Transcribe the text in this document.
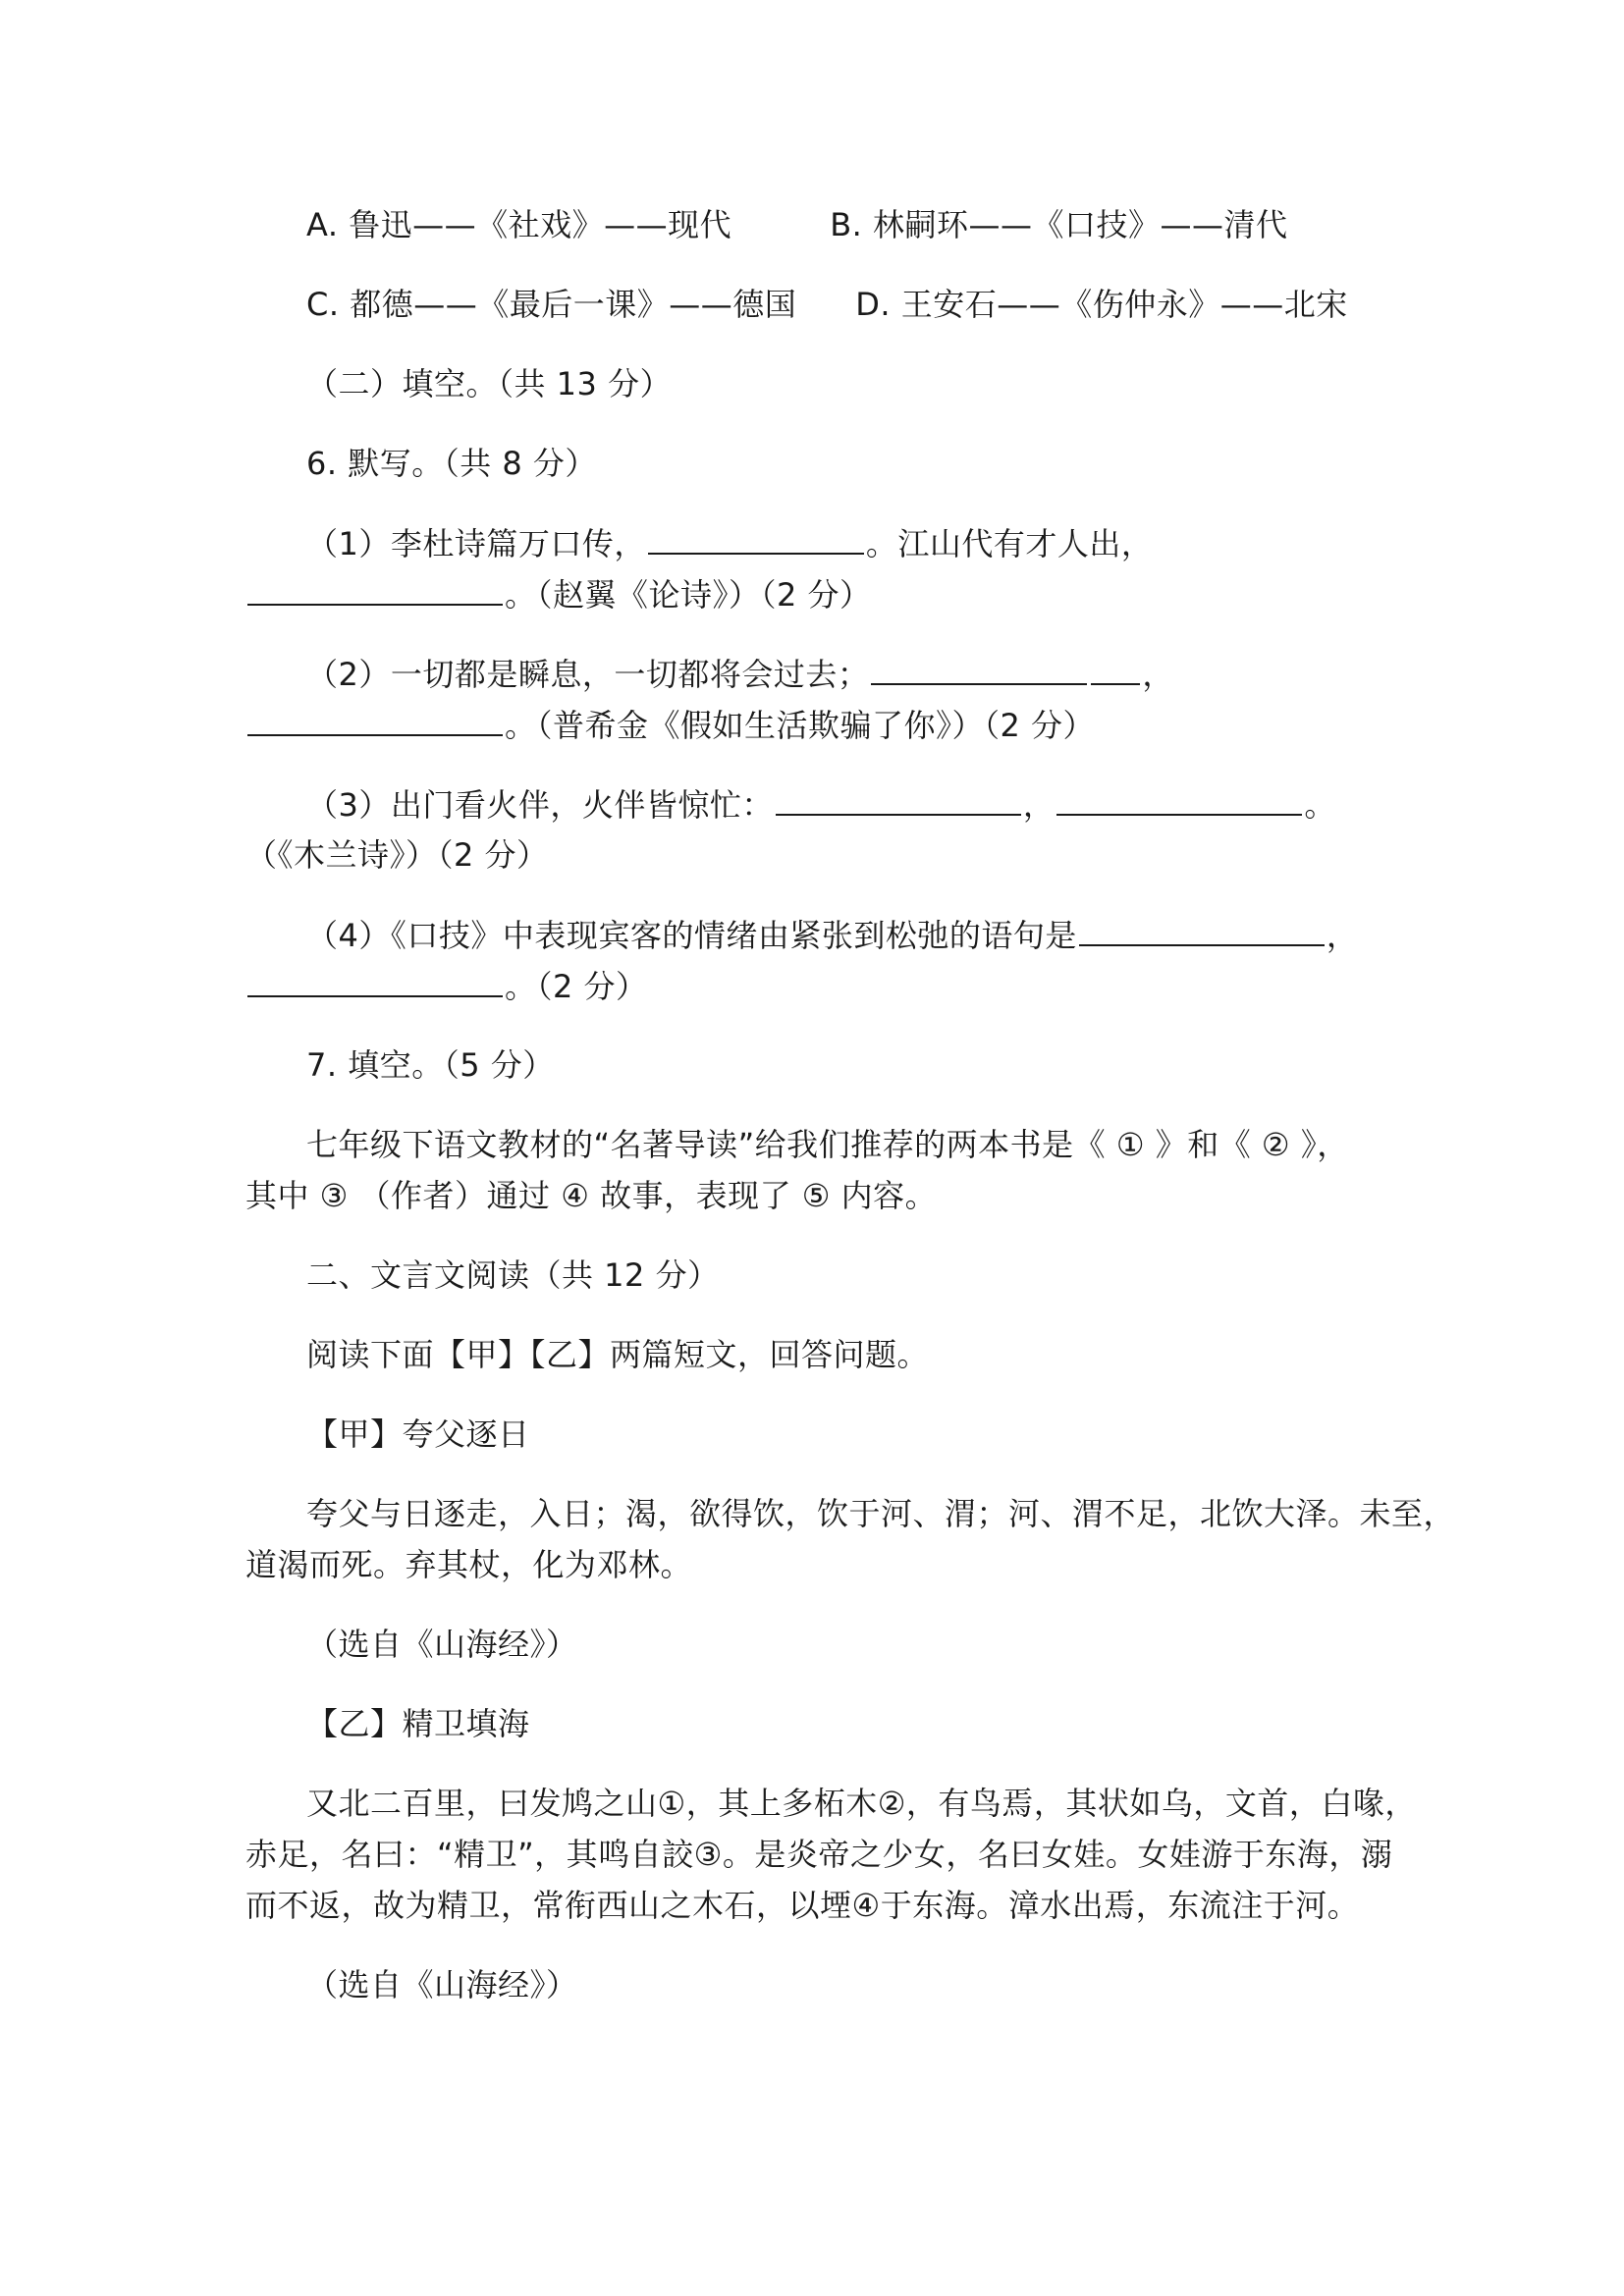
A. 鲁迅——《社戏》——现代	B. 林嗣环——《口技》——清代
C. 都德——《最后一课》——德国 D. 王安石——《伤仲永》——北宋
（二）填空。（共 13 分）
6. 默写。（共 8 分）
（1）李杜诗篇万口传，	。江山代有才人出，
。（赵翼《论诗》）（2 分）
（2）一切都是瞬息，一切都将会过去；	，
。（普希金《假如生活欺骗了你》）（2 分）
（3）出门看火伴，火伴皆惊忙：	，	。
（《木兰诗》）（2 分）
（4）《口技》中表现宾客的情绪由紧张到松弛的语句是	，
。（2 分）
7. 填空。（5 分）
七年级下语文教材的“名著导读”给我们推荐的两本书是《 ① 》和《 ② 》，
其中 ③ （作者）通过 ④ 故事，表现了 ⑤ 内容。
二、文言文阅读（共 12 分）
阅读下面【甲】【乙】两篇短文，回答问题。
【甲】夸父逐日
夸父与日逐走，入日；渴，欲得饮，饮于河、渭；河、渭不足，北饮大泽。未至，
道渴而死。弃其杖，化为邓林。
（选自《山海经》）
【乙】精卫填海
又北二百里，曰发鸠之山①，其上多柘木②，有鸟焉，其状如乌，文首，白喙，
赤足，名曰：“精卫”，其鸣自詨③。是炎帝之少女，名曰女娃。女娃游于东海，溺
而不返，故为精卫，常衔西山之木石，以堙④于东海。漳水出焉，东流注于河。
（选自《山海经》）
